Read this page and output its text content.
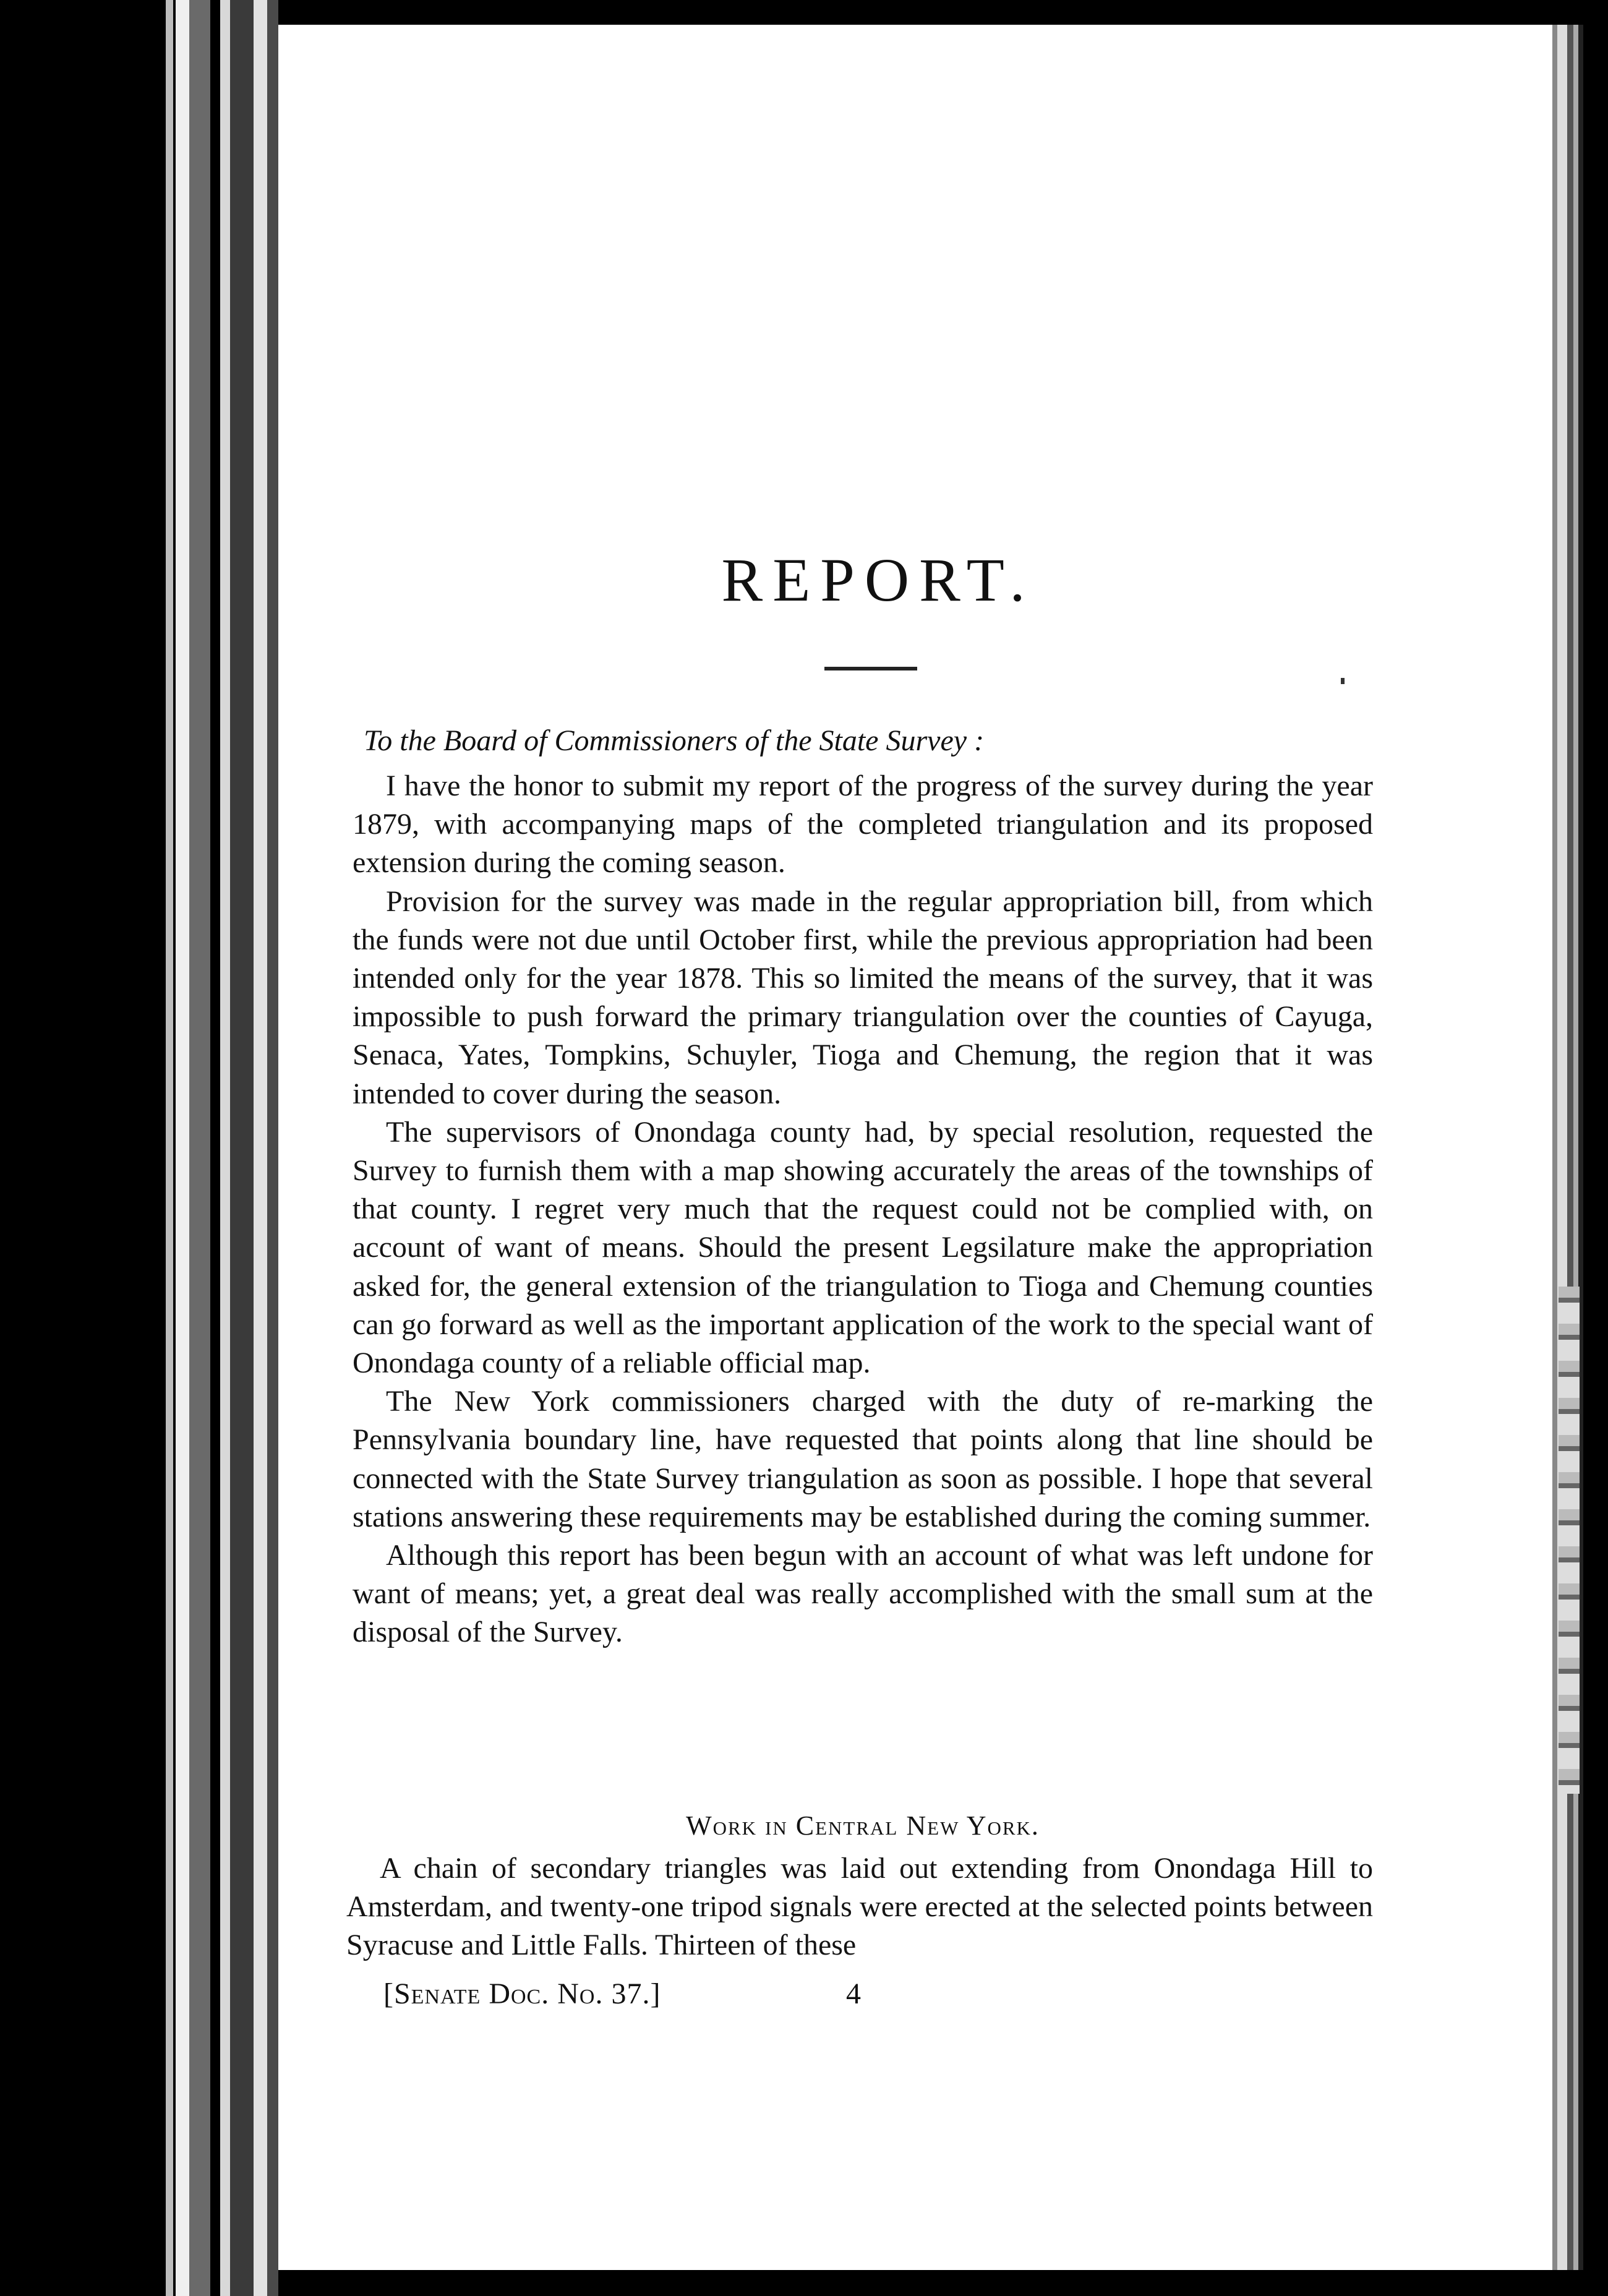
REPORT.
To the Board of Commissioners of the State Survey :

I have the honor to submit my report of the progress of the survey during the year 1879, with accompanying maps of the completed triangulation and its proposed extension during the coming season.

Provision for the survey was made in the regular appropriation bill, from which the funds were not due until October first, while the previous appropriation had been intended only for the year 1878. This so limited the means of the survey, that it was impossible to push forward the primary triangulation over the counties of Cayuga, Senaca, Yates, Tompkins, Schuyler, Tioga and Chemung, the region that it was intended to cover during the season.

The supervisors of Onondaga county had, by special resolution, requested the Survey to furnish them with a map showing accurately the areas of the townships of that county. I regret very much that the request could not be complied with, on account of want of means. Should the present Legsilature make the appropriation asked for, the general extension of the triangulation to Tioga and Chemung counties can go forward as well as the important application of the work to the special want of Onondaga county of a reliable official map.

The New York commissioners charged with the duty of re-marking the Pennsylvania boundary line, have requested that points along that line should be connected with the State Survey triangulation as soon as possible. I hope that several stations answering these requirements may be established during the coming summer.

Although this report has been begun with an account of what was left undone for want of means; yet, a great deal was really accomplished with the small sum at the disposal of the Survey.

Work in Central New York.

A chain of secondary triangles was laid out extending from Onondaga Hill to Amsterdam, and twenty-one tripod signals were erected at the selected points between Syracuse and Little Falls. Thirteen of these

[Senate Doc. No. 37.]	4
